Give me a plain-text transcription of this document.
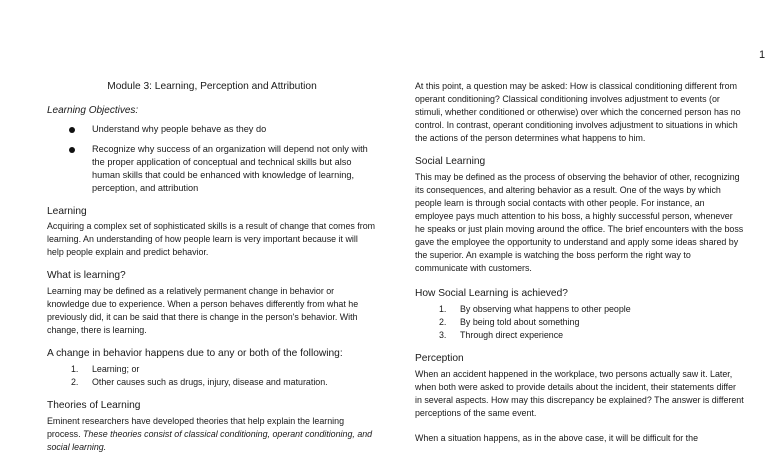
1
Module 3: Learning, Perception and Attribution
Learning Objectives:
Understand why people behave as they do
Recognize why success of an organization will depend not only with the proper application of conceptual and technical skills but also human skills that could be enhanced with knowledge of learning, perception, and attribution
Learning

Acquiring a complex set of sophisticated skills is a result of change that comes from learning. An understanding of how people learn is very important because it will help people explain and predict behavior.

What is learning?

Learning may be defined as a relatively permanent change in behavior or knowledge due to experience. When a person behaves differently from what he previously did, it can be said that there is change in the person's behavior. With change, there is learning.

A change in behavior happens due to any or both of the following:
1. Learning; or
2. Other causes such as drugs, injury, disease and maturation.
Theories of Learning

Eminent researchers have developed theories that help explain the learning process. These theories consist of classical conditioning, operant conditioning, and social learning.

At this point, a question may be asked: How is classical conditioning different from operant conditioning? Classical conditioning involves adjustment to events (or stimuli, whether conditioned or otherwise) over which the concerned person has no control. In contrast, operant conditioning involves adjustment to situations in which the actions of the person determines what happens to him.

Social Learning

This may be defined as the process of observing the behavior of other, recognizing its consequences, and altering behavior as a result. One of the ways by which people learn is through social contacts with other people. For instance, an employee pays much attention to his boss, a highly successful person, whenever he speaks or just plain moving around the office. The brief encounters with the boss gave the employee the opportunity to understand and apply some ideas shared by the superior. An example is watching the boss perform the right way to communicate with customers.

How Social Learning is achieved?
1. By observing what happens to other people
2. By being told about something
3. Through direct experience
Perception

When an accident happened in the workplace, two persons actually saw it. Later, when both were asked to provide details about the incident, their statements differ in several aspects. How may this discrepancy be explained? The answer is different perceptions of the same event.

When a situation happens, as in the above case, it will be difficult for the
